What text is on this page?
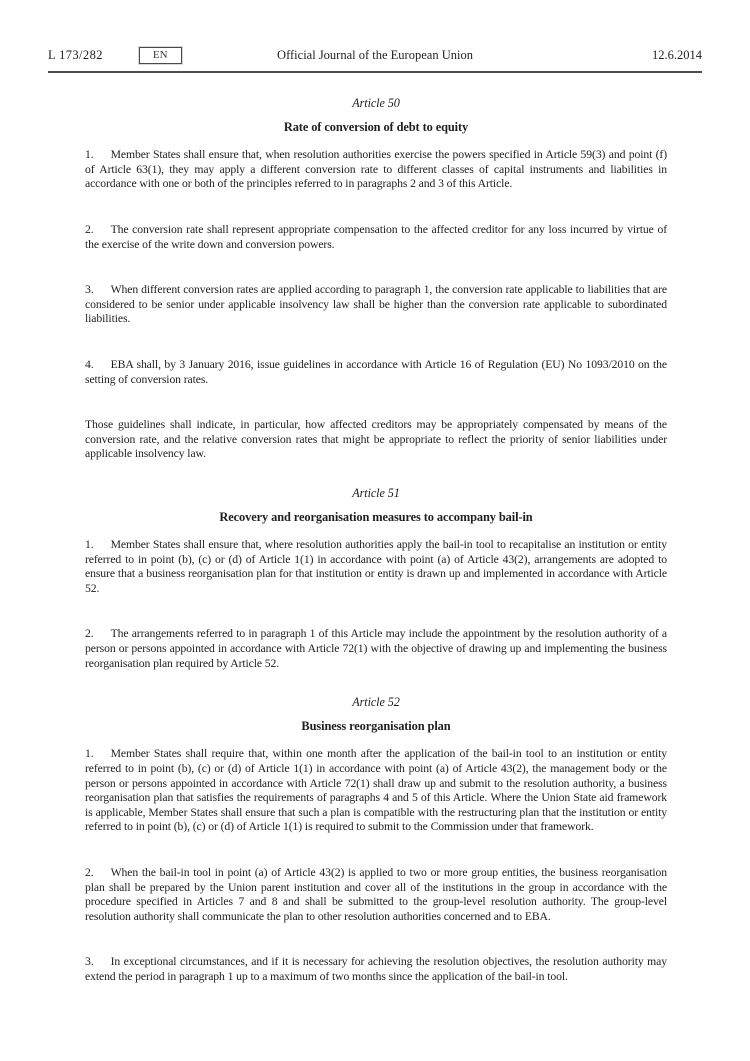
L 173/282	EN	Official Journal of the European Union	12.6.2014
Article 50
Rate of conversion of debt to equity

1. Member States shall ensure that, when resolution authorities exercise the powers specified in Article 59(3) and point (f) of Article 63(1), they may apply a different conversion rate to different classes of capital instruments and liabilities in accordance with one or both of the principles referred to in paragraphs 2 and 3 of this Article.

2. The conversion rate shall represent appropriate compensation to the affected creditor for any loss incurred by virtue of the exercise of the write down and conversion powers.

3. When different conversion rates are applied according to paragraph 1, the conversion rate applicable to liabilities that are considered to be senior under applicable insolvency law shall be higher than the conversion rate applicable to subordinated liabilities.

4. EBA shall, by 3 January 2016, issue guidelines in accordance with Article 16 of Regulation (EU) No 1093/2010 on the setting of conversion rates.

Those guidelines shall indicate, in particular, how affected creditors may be appropriately compensated by means of the conversion rate, and the relative conversion rates that might be appropriate to reflect the priority of senior liabilities under applicable insolvency law.

Article 51
Recovery and reorganisation measures to accompany bail-in

1. Member States shall ensure that, where resolution authorities apply the bail-in tool to recapitalise an institution or entity referred to in point (b), (c) or (d) of Article 1(1) in accordance with point (a) of Article 43(2), arrangements are adopted to ensure that a business reorganisation plan for that institution or entity is drawn up and implemented in accordance with Article 52.

2. The arrangements referred to in paragraph 1 of this Article may include the appointment by the resolution authority of a person or persons appointed in accordance with Article 72(1) with the objective of drawing up and implementing the business reorganisation plan required by Article 52.

Article 52
Business reorganisation plan

1. Member States shall require that, within one month after the application of the bail-in tool to an institution or entity referred to in point (b), (c) or (d) of Article 1(1) in accordance with point (a) of Article 43(2), the management body or the person or persons appointed in accordance with Article 72(1) shall draw up and submit to the resolution authority, a business reorganisation plan that satisfies the requirements of paragraphs 4 and 5 of this Article. Where the Union State aid framework is applicable, Member States shall ensure that such a plan is compatible with the restructuring plan that the institution or entity referred to in point (b), (c) or (d) of Article 1(1) is required to submit to the Commission under that framework.

2. When the bail-in tool in point (a) of Article 43(2) is applied to two or more group entities, the business reorganisation plan shall be prepared by the Union parent institution and cover all of the institutions in the group in accordance with the procedure specified in Articles 7 and 8 and shall be submitted to the group-level resolution authority. The group-level resolution authority shall communicate the plan to other resolution authorities concerned and to EBA.

3. In exceptional circumstances, and if it is necessary for achieving the resolution objectives, the resolution authority may extend the period in paragraph 1 up to a maximum of two months since the application of the bail-in tool.
